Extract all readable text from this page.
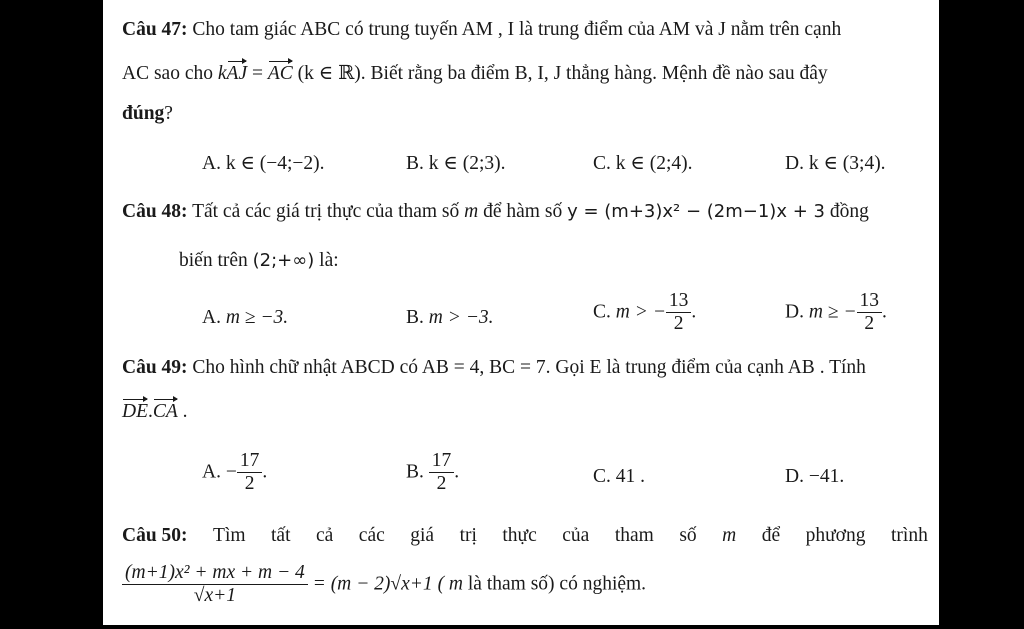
Câu 47: Cho tam giác ABC có trung tuyến AM , I là trung điểm của AM và J nằm trên cạnh
AC sao cho kAJ = AC (k ∈ ℝ). Biết rằng ba điểm B, I, J thẳng hàng. Mệnh đề nào sau đây
đúng?
A. k ∈ (−4;−2).	B. k ∈ (2;3).	C. k ∈ (2;4).	D. k ∈ (3;4).
Câu 48: Tất cả các giá trị thực của tham số m để hàm số y = (m+3)x² − (2m−1)x + 3 đồng
biến trên (2;+∞) là:
A. m ≥ −3.	B. m > −3.	C. m > − $\frac{13}{2}$ .	D. m ≥ − $\frac{13}{2}$ .
Câu 49: Cho hình chữ nhật ABCD có AB = 4, BC = 7. Gọi E là trung điểm của cạnh AB . Tính
DE.CA .
A. − $\frac{17}{2}$ .	B. $\frac{17}{2}$ .	C. 41 .	D. −41.
Câu 50: Tìm tất cả các giá trị thực của tham số m để phương trình
$\frac{\text{(m+1)x² + mx + m − 4}}{√x+1} = (m - 2)√x+1$ ( m là tham số) có nghiệm.
